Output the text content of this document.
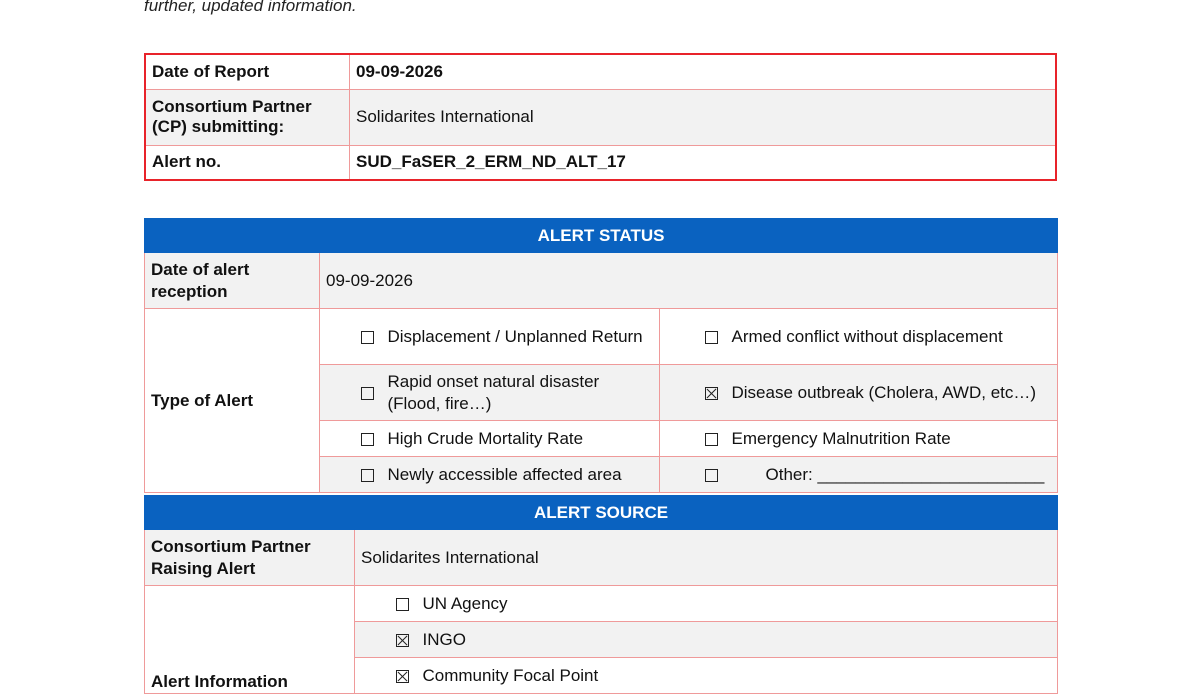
further, updated information.

Date of Report	09-09-2026
Consortium Partner (CP) submitting:	Solidarites International
Alert no.	SUD_FaSER_2_ERM_ND_ALT_17
ALERT STATUS				
Date of alert reception	09-09-2026			
Type of Alert		Displacement / Unplanned Return		Armed conflict without displacement
		Rapid onset natural disaster (Flood, fire…)		Disease outbreak (Cholera, AWD, etc…)
		High Crude Mortality Rate		Emergency Malnutrition Rate
		Newly accessible affected area		Other: ________________________
ALERT SOURCE		
Consortium Partner Raising Alert	Solidarites International	
Alert Information		UN Agency
		INGO
		Community Focal Point
